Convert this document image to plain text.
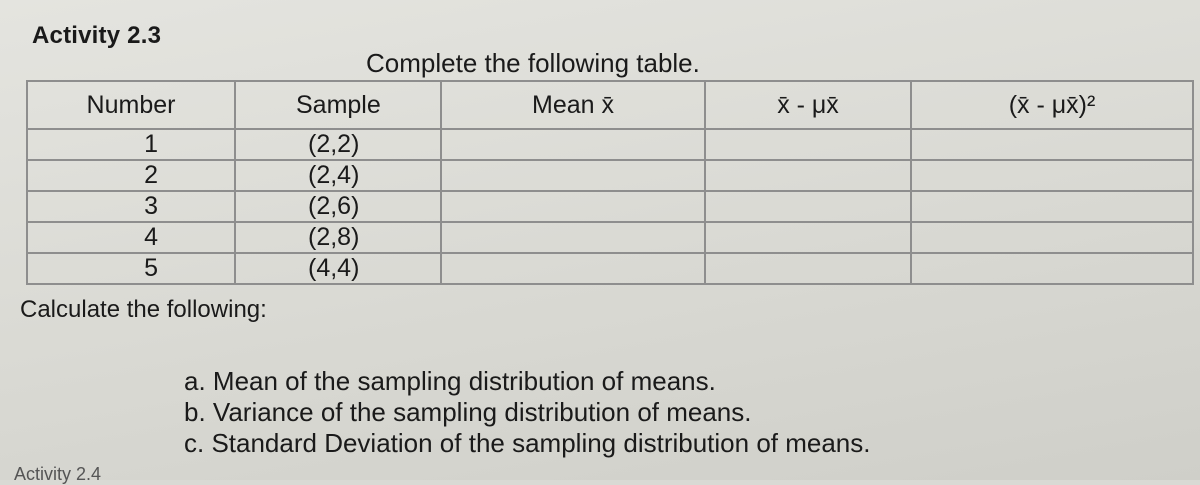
Activity 2.3
Complete the following table.
Number	Sample	Mean x̄	x̄ - μx̄	(x̄ - μx̄)²
1	(2,2)			
2	(2,4)			
3	(2,6)			
4	(2,8)			
5	(4,4)			
Calculate the following:
a. Mean of the sampling distribution of means.
b. Variance of the sampling distribution of means.
c. Standard Deviation of the sampling distribution of means.
Activity 2.4
